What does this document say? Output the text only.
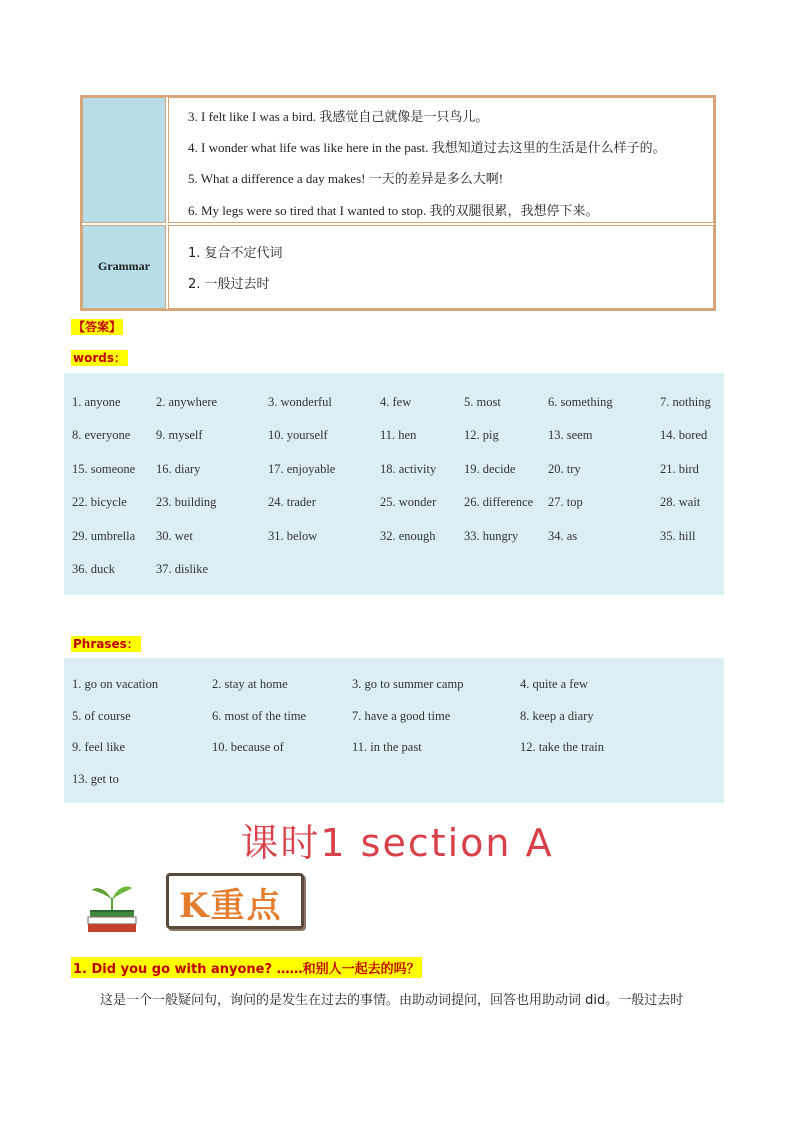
3. I felt like I was a bird. 我感觉自己就像是一只鸟儿。
4. I wonder what life was like here in the past. 我想知道过去这里的生活是什么样子的。
5. What a difference a day makes! 一天的差异是多么大啊!
6. My legs were so tired that I wanted to stop. 我的双腿很累，我想停下来。
Grammar
1. 复合不定代词
2. 一般过去时
【答案】
words：
1. anyone	2. anywhere	3. wonderful	4. few	5. most	6. something	7. nothing
8. everyone 9. myself	10. yourself	11. hen	12. pig	13. seem	14. bored
15. someone 16. diary	17. enjoyable	18. activity 19. decide	20. try	21. bird
22. bicycle 23. building	24. trader	25. wonder 26. difference 27. top	28. wait
29. umbrella 30. wet	31. below	32. enough 33. hungry 34. as	35. hill
36. duck	37. dislike
Phrases：
1. go on vacation	2. stay at home	3. go to summer camp	4. quite a few
5. of course	6. most of the time	7. have a good time	8. keep a diary
9. feel like	10. because of	11. in the past	12. take the train
13. get to
课时1 section A
K重点
1. Did you go with anyone? ……和别人一起去的吗？
这是一个一般疑问句，询问的是发生在过去的事情。由助动词提问，回答也用助动词 did。一般过去时
